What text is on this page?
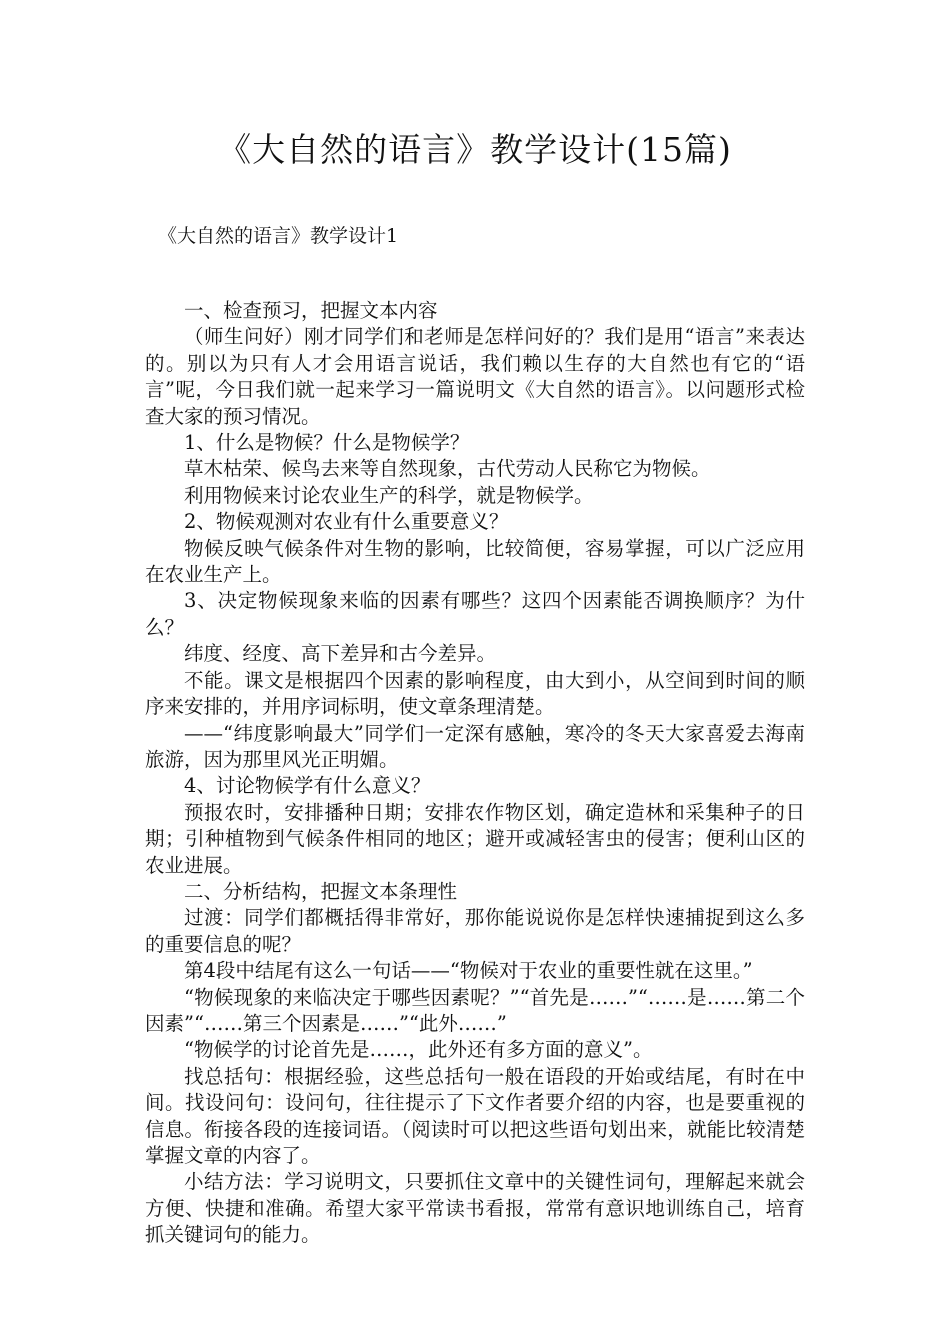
《大自然的语言》教学设计(15篇)
《大自然的语言》教学设计1

一、检查预习，把握文本内容

（师生问好）刚才同学们和老师是怎样问好的？我们是用“语言”来表达的。别以为只有人才会用语言说话，我们赖以生存的大自然也有它的“语言”呢，今日我们就一起来学习一篇说明文《大自然的语言》。以问题形式检查大家的预习情况。

1、什么是物候？什么是物候学？

草木枯荣、候鸟去来等自然现象，古代劳动人民称它为物候。

利用物候来讨论农业生产的科学，就是物候学。

2、物候观测对农业有什么重要意义？

物候反映气候条件对生物的影响，比较简便，容易掌握，可以广泛应用在农业生产上。

3、决定物候现象来临的因素有哪些？这四个因素能否调换顺序？为什么？

纬度、经度、高下差异和古今差异。

不能。课文是根据四个因素的影响程度，由大到小，从空间到时间的顺序来安排的，并用序词标明，使文章条理清楚。

——“纬度影响最大”同学们一定深有感触，寒冷的冬天大家喜爱去海南旅游，因为那里风光正明媚。

4、讨论物候学有什么意义？

预报农时，安排播种日期；安排农作物区划，确定造林和采集种子的日期；引种植物到气候条件相同的地区；避开或减轻害虫的侵害；便利山区的农业进展。

二、分析结构，把握文本条理性

过渡：同学们都概括得非常好，那你能说说你是怎样快速捕捉到这么多的重要信息的呢？

第4段中结尾有这么一句话——“物候对于农业的重要性就在这里。”

“物候现象的来临决定于哪些因素呢？”“首先是……”“……是……第二个因素”“……第三个因素是……”“此外……”

“物候学的讨论首先是……，此外还有多方面的意义”。

找总括句：根据经验，这些总括句一般在语段的开始或结尾，有时在中间。找设问句：设问句，往往提示了下文作者要介绍的内容，也是要重视的信息。衔接各段的连接词语。（阅读时可以把这些语句划出来，就能比较清楚掌握文章的内容了。

小结方法：学习说明文，只要抓住文章中的关键性词句，理解起来就会方便、快捷和准确。希望大家平常读书看报，常常有意识地训练自己，培育抓关键词句的能力。
